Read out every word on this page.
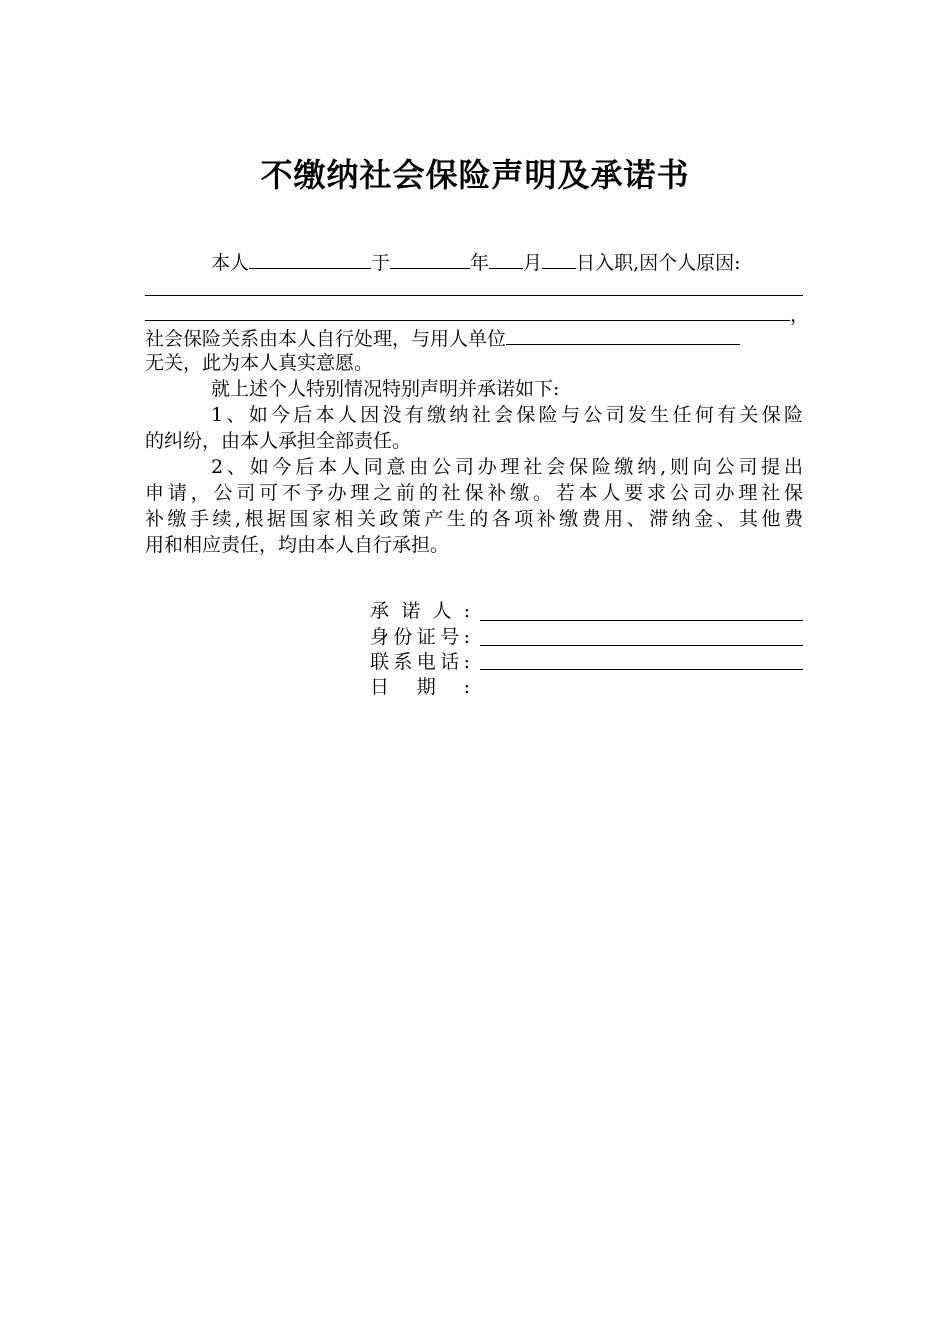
不缴纳社会保险声明及承诺书
本人	于	年 月 日入职,因个人原因:
，
社会保险关系由本人自行处理，与用人单位
无关，此为本人真实意愿。
就上述个人特别情况特别声明并承诺如下:
1、如今后本人因没有缴纳社会保险与公司发生任何有关保险
的纠纷，由本人承担全部责任。
2、如今后本人同意由公司办理社会保险缴纳,则向公司提出
申请，公司可不予办理之前的社保补缴。若本人要求公司办理社保
补缴手续,根据国家相关政策产生的各项补缴费用、滞纳金、其他费
用和相应责任，均由本人自行承担。
承诺人:
身份证号:
联系电话:
日期:
